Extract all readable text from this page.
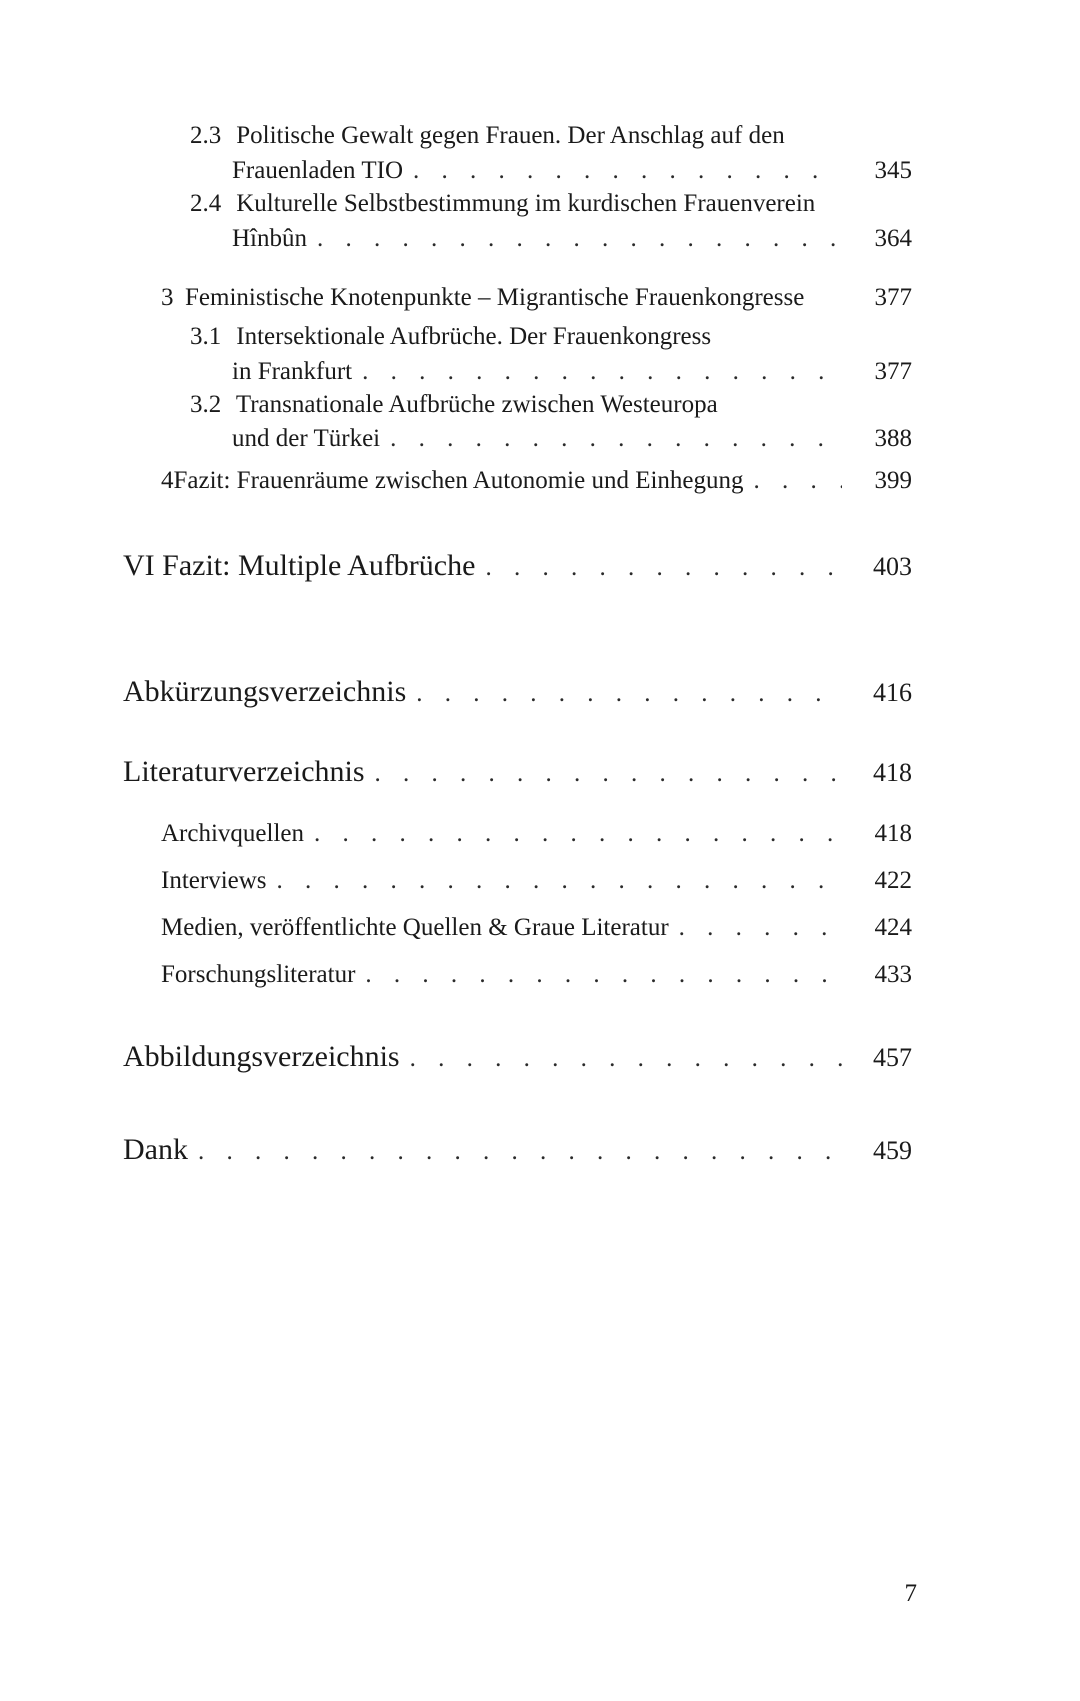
2.3 Politische Gewalt gegen Frauen. Der Anschlag auf den
Frauenladen TIO . . .	345
2.4 Kulturelle Selbstbestimmung im kurdischen Frauenverein
Hînbûn . . .	364
3 Feministische Knotenpunkte – Migrantische Frauenkongresse	377
3.1 Intersektionale Aufbrüche. Der Frauenkongress
in Frankfurt . . .	377
3.2 Transnationale Aufbrüche zwischen Westeuropa
und der Türkei . . .	388
4 Fazit: Frauenräume zwischen Autonomie und Einhegung . . .	399
VI Fazit: Multiple Aufbrüche . . .	403
Abkürzungsverzeichnis . . .	416
Literaturverzeichnis . . .	418
Archivquellen . . .	418
Interviews . . .	422
Medien, veröffentlichte Quellen & Graue Literatur . . .	424
Forschungsliteratur . . .	433
Abbildungsverzeichnis . . .	457
Dank . . .	459
7
